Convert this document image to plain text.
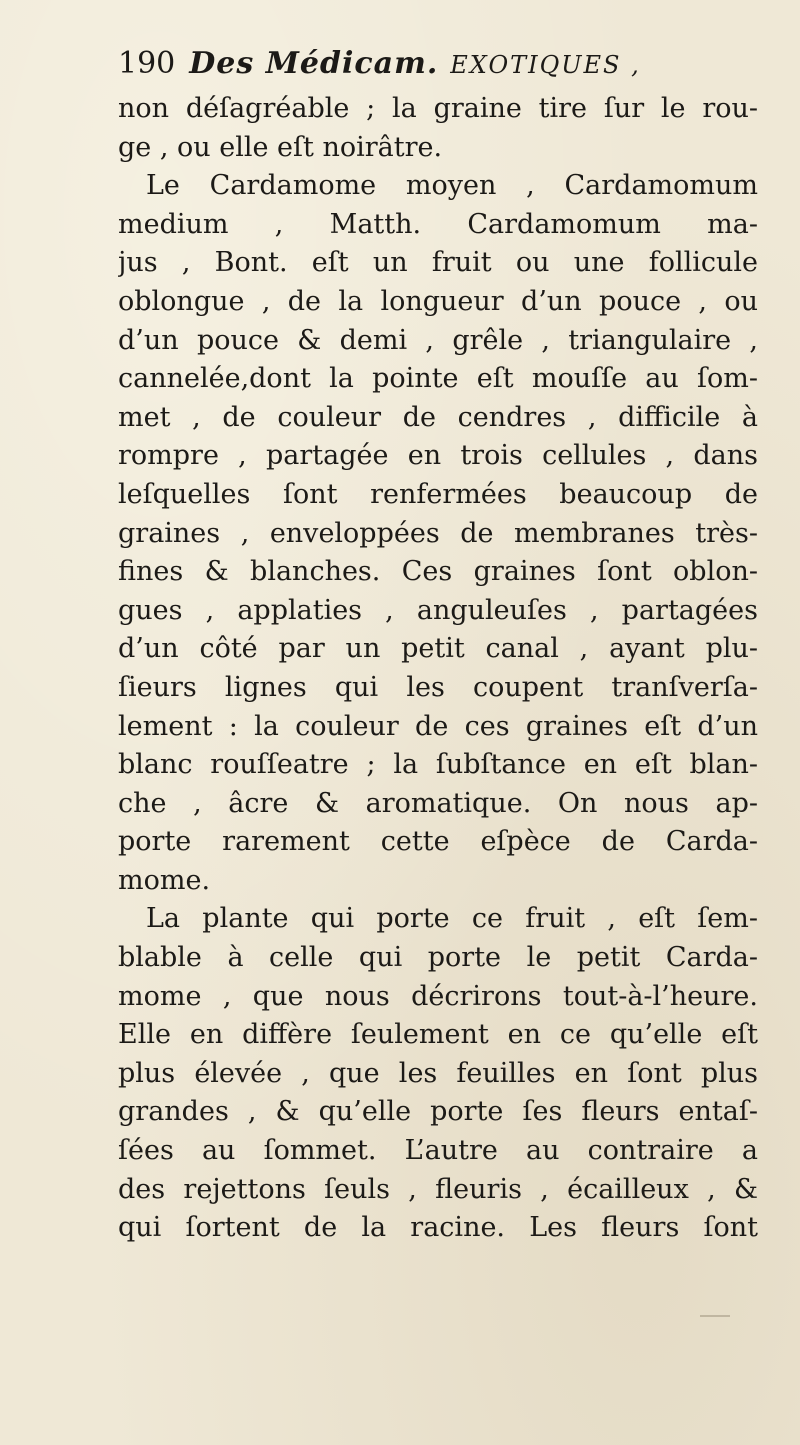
190 Des Médicam. EXOTIQUES ,
non déſagréable ; la graine tire ſur le rou-
ge , ou elle eſt noirâtre.
Le Cardamome moyen , Cardamomum
medium , Matth. Cardamomum ma-
jus , Bont. eſt un fruit ou une follicule
oblongue , de la longueur d’un pouce , ou
d’un pouce & demi , grêle , triangulaire ,
cannelée,dont la pointe eſt mouſſe au ſom-
met , de couleur de cendres , difficile à
rompre , partagée en trois cellules , dans
leſquelles ſont renfermées beaucoup de
graines , enveloppées de membranes très-
fines & blanches. Ces graines ſont oblon-
gues , applaties , anguleuſes , partagées
d’un côté par un petit canal , ayant plu-
ſieurs lignes qui les coupent tranſverſa-
lement : la couleur de ces graines eſt d’un
blanc rouſſeatre ; la ſubſtance en eſt blan-
che , âcre & aromatique. On nous ap-
porte rarement cette eſpèce de Carda-
mome.
La plante qui porte ce fruit , eſt ſem-
blable à celle qui porte le petit Carda-
mome , que nous décrirons tout-à-l’heure.
Elle en diffère ſeulement en ce qu’elle eſt
plus élevée , que les feuilles en ſont plus
grandes , & qu’elle porte ſes fleurs entaſ-
ſées au ſommet. L’autre au contraire a
des rejettons ſeuls , fleuris , écailleux , &
qui ſortent de la racine. Les fleurs ſont
